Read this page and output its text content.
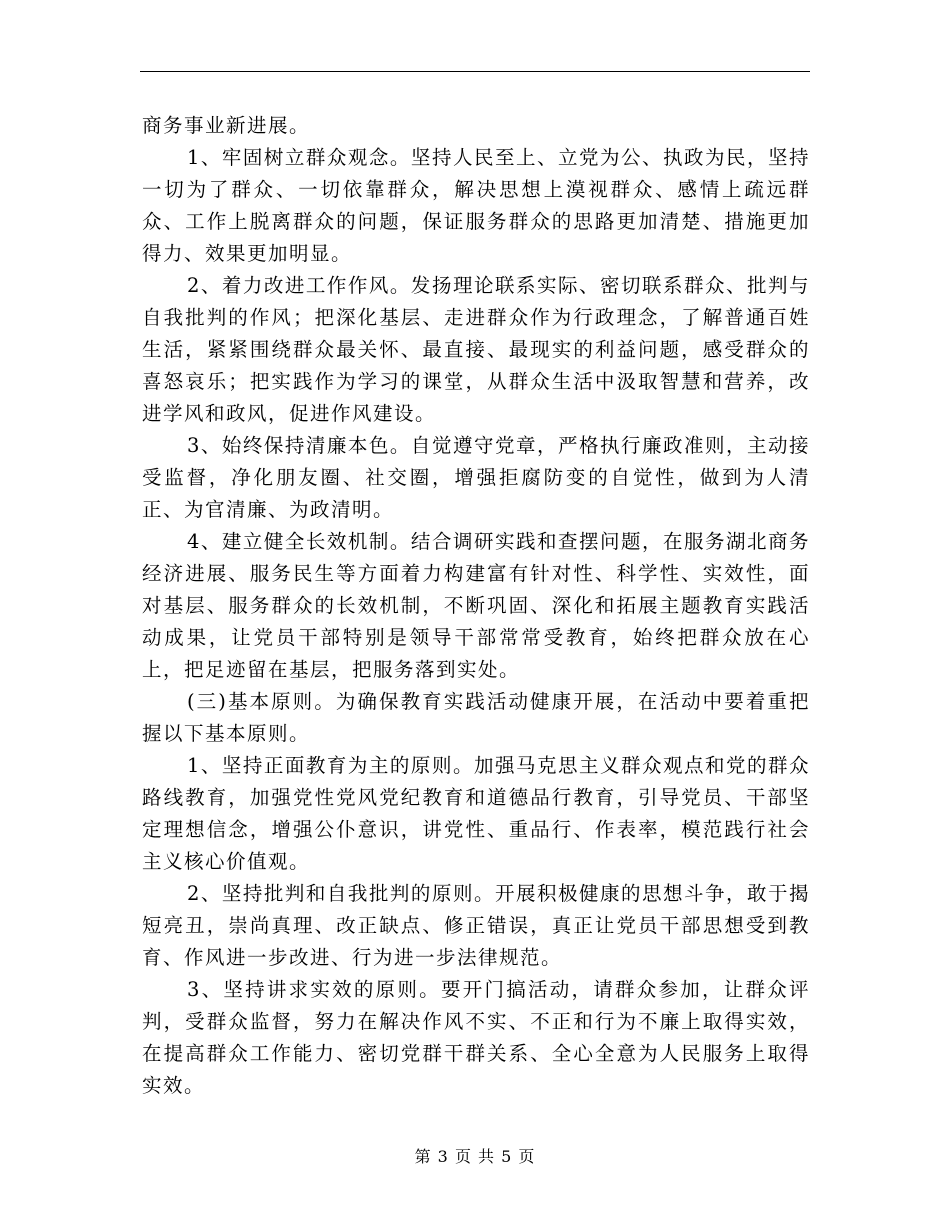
商务事业新进展。

1、牢固树立群众观念。坚持人民至上、立党为公、执政为民，坚持一切为了群众、一切依靠群众，解决思想上漠视群众、感情上疏远群众、工作上脱离群众的问题，保证服务群众的思路更加清楚、措施更加得力、效果更加明显。

2、着力改进工作作风。发扬理论联系实际、密切联系群众、批判与自我批判的作风；把深化基层、走进群众作为行政理念，了解普通百姓生活，紧紧围绕群众最关怀、最直接、最现实的利益问题，感受群众的喜怒哀乐；把实践作为学习的课堂，从群众生活中汲取智慧和营养，改进学风和政风，促进作风建设。

3、始终保持清廉本色。自觉遵守党章，严格执行廉政准则，主动接受监督，净化朋友圈、社交圈，增强拒腐防变的自觉性，做到为人清正、为官清廉、为政清明。

4、建立健全长效机制。结合调研实践和查摆问题，在服务湖北商务经济进展、服务民生等方面着力构建富有针对性、科学性、实效性，面对基层、服务群众的长效机制，不断巩固、深化和拓展主题教育实践活动成果，让党员干部特别是领导干部常常受教育，始终把群众放在心上，把足迹留在基层，把服务落到实处。

(三)基本原则。为确保教育实践活动健康开展，在活动中要着重把握以下基本原则。

1、坚持正面教育为主的原则。加强马克思主义群众观点和党的群众路线教育，加强党性党风党纪教育和道德品行教育，引导党员、干部坚定理想信念，增强公仆意识，讲党性、重品行、作表率，模范践行社会主义核心价值观。

2、坚持批判和自我批判的原则。开展积极健康的思想斗争，敢于揭短亮丑，崇尚真理、改正缺点、修正错误，真正让党员干部思想受到教育、作风进一步改进、行为进一步法律规范。

3、坚持讲求实效的原则。要开门搞活动，请群众参加，让群众评判，受群众监督，努力在解决作风不实、不正和行为不廉上取得实效，在提高群众工作能力、密切党群干群关系、全心全意为人民服务上取得实效。

第 3 页 共 5 页
